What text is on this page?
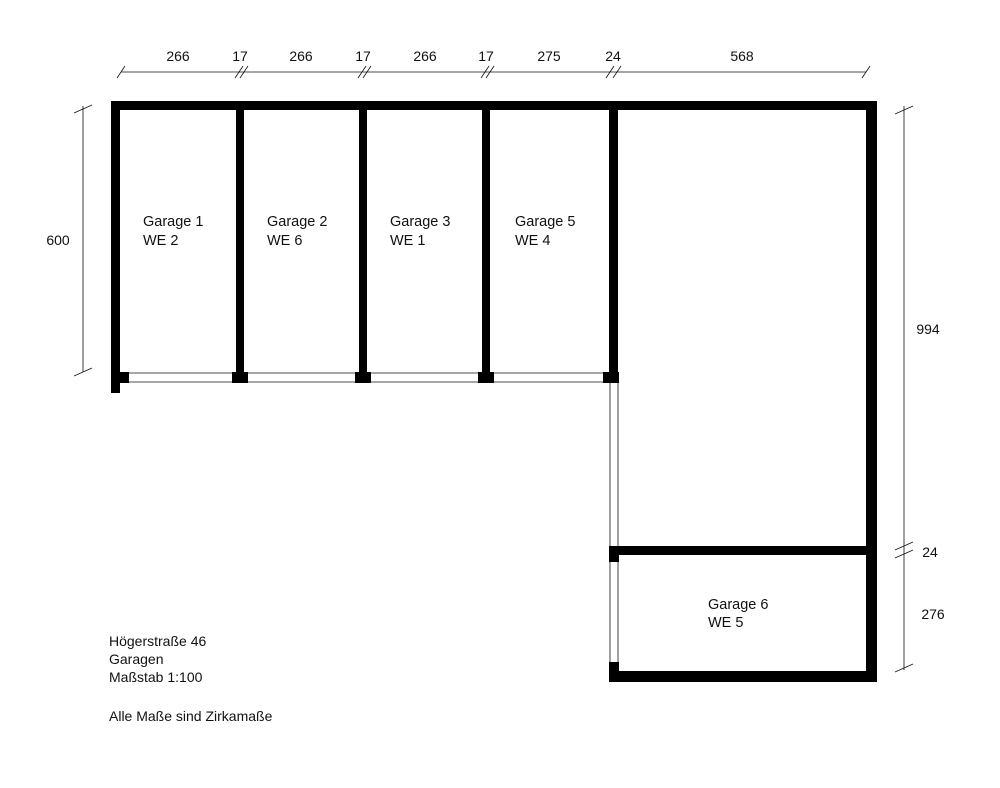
266	17	266	17	266	17	275	24	568
600
994
24
276
Garage 1
WE 2
Garage 2
WE 6
Garage 3
WE 1
Garage 5
WE 4
Garage 6
WE 5
Högerstraße 46
Garagen
Maßstab 1:100
Alle Maße sind Zirkamaße
